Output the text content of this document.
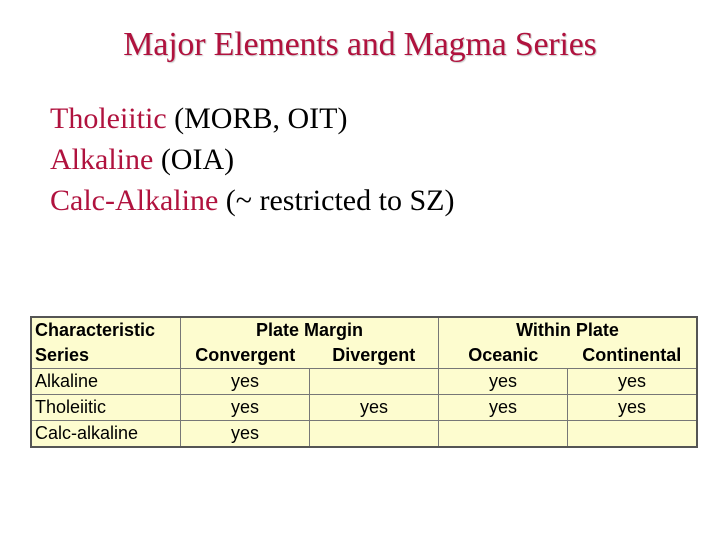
Major Elements and Magma Series
Tholeiitic (MORB, OIT)
Alkaline (OIA)
Calc-Alkaline (~ restricted to SZ)
Characteristic	Plate Margin		Within Plate	
Series	Convergent	Divergent	Oceanic	Continental
Alkaline	yes		yes	yes
Tholeiitic	yes	yes	yes	yes
Calc-alkaline	yes			
